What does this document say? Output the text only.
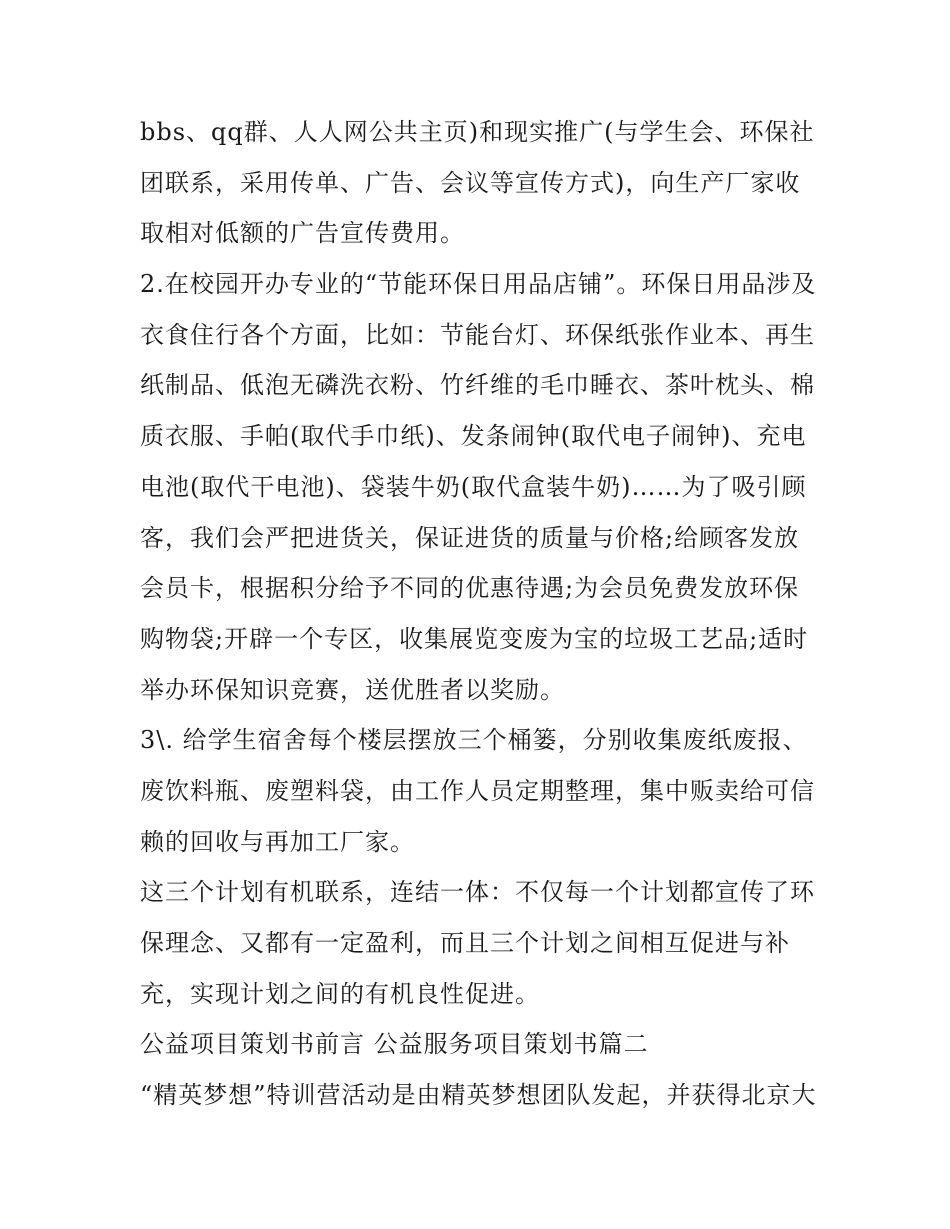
bbs、qq群、人人网公共主页)和现实推广(与学生会、环保社
团联系，采用传单、广告、会议等宣传方式)，向生产厂家收
取相对低额的广告宣传费用。
2.在校园开办专业的“节能环保日用品店铺”。环保日用品涉及
衣食住行各个方面，比如：节能台灯、环保纸张作业本、再生
纸制品、低泡无磷洗衣粉、竹纤维的毛巾睡衣、茶叶枕头、棉
质衣服、手帕(取代手巾纸)、发条闹钟(取代电子闹钟)、充电
电池(取代干电池)、袋装牛奶(取代盒装牛奶)……为了吸引顾
客，我们会严把进货关，保证进货的质量与价格;给顾客发放
会员卡，根据积分给予不同的优惠待遇;为会员免费发放环保
购物袋;开辟一个专区，收集展览变废为宝的垃圾工艺品;适时
举办环保知识竞赛，送优胜者以奖励。
3\. 给学生宿舍每个楼层摆放三个桶篓，分别收集废纸废报、
废饮料瓶、废塑料袋，由工作人员定期整理，集中贩卖给可信
赖的回收与再加工厂家。
这三个计划有机联系，连结一体：不仅每一个计划都宣传了环
保理念、又都有一定盈利，而且三个计划之间相互促进与补
充，实现计划之间的有机良性促进。
公益项目策划书前言 公益服务项目策划书篇二
“精英梦想”特训营活动是由精英梦想团队发起，并获得北京大
